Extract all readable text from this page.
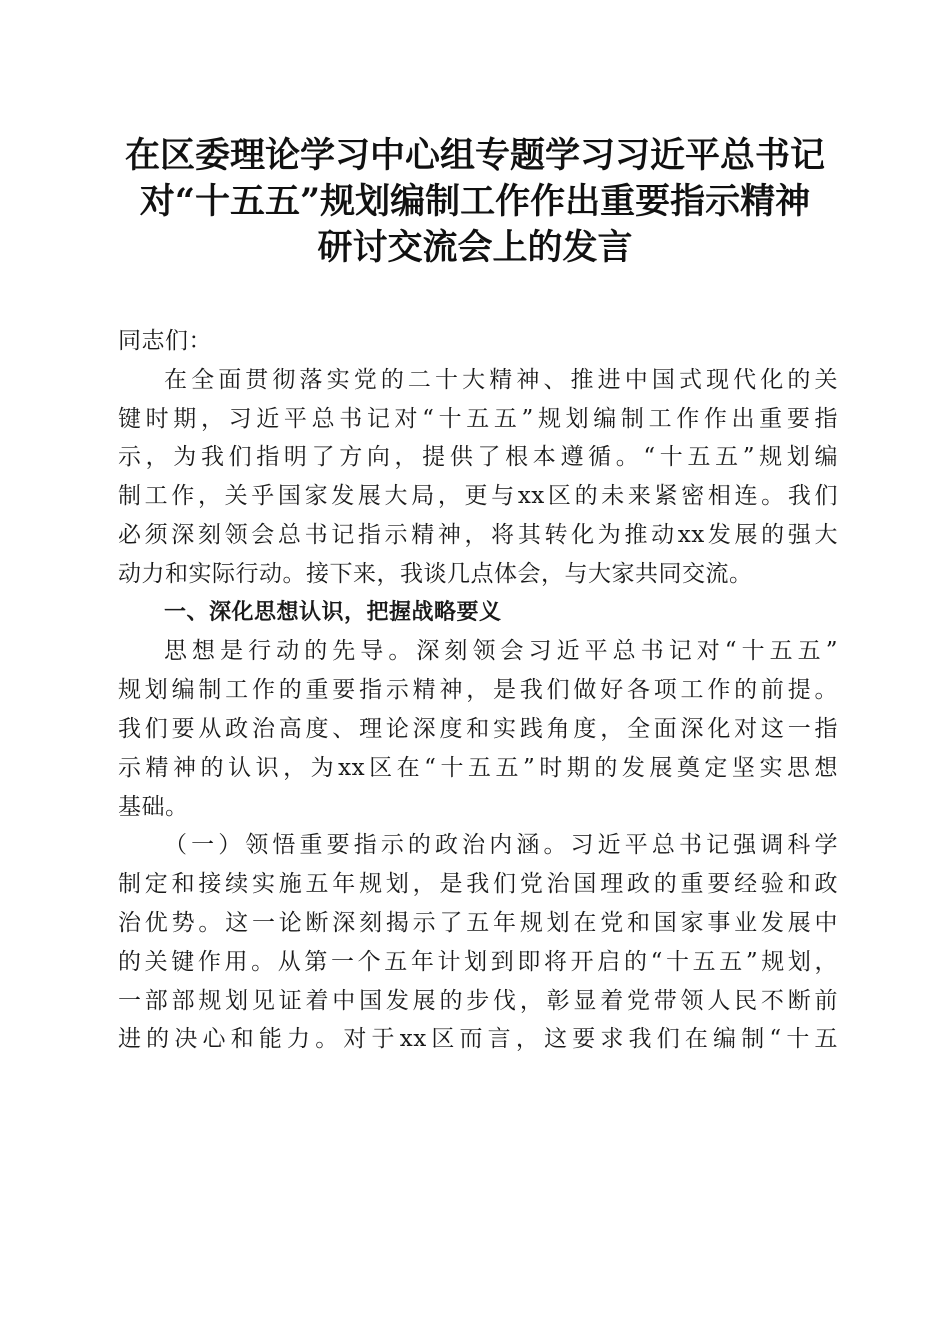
在区委理论学习中心组专题学习习近平总书记
对“十五五”规划编制工作作出重要指示精神
研讨交流会上的发言
同志们：
在全面贯彻落实党的二十大精神、推进中国式现代化的关
键时期，习近平总书记对“十五五”规划编制工作作出重要指
示，为我们指明了方向，提供了根本遵循。“十五五”规划编
制工作，关乎国家发展大局，更与xx区的未来紧密相连。我们
必须深刻领会总书记指示精神，将其转化为推动xx发展的强大
动力和实际行动。接下来，我谈几点体会，与大家共同交流。
一、深化思想认识，把握战略要义
思想是行动的先导。深刻领会习近平总书记对“十五五”
规划编制工作的重要指示精神，是我们做好各项工作的前提。
我们要从政治高度、理论深度和实践角度，全面深化对这一指
示精神的认识，为xx区在“十五五”时期的发展奠定坚实思想
基础。
（一）领悟重要指示的政治内涵。习近平总书记强调科学
制定和接续实施五年规划，是我们党治国理政的重要经验和政
治优势。这一论断深刻揭示了五年规划在党和国家事业发展中
的关键作用。从第一个五年计划到即将开启的“十五五”规划，
一部部规划见证着中国发展的步伐，彰显着党带领人民不断前
进的决心和能力。对于xx区而言，这要求我们在编制“十五
